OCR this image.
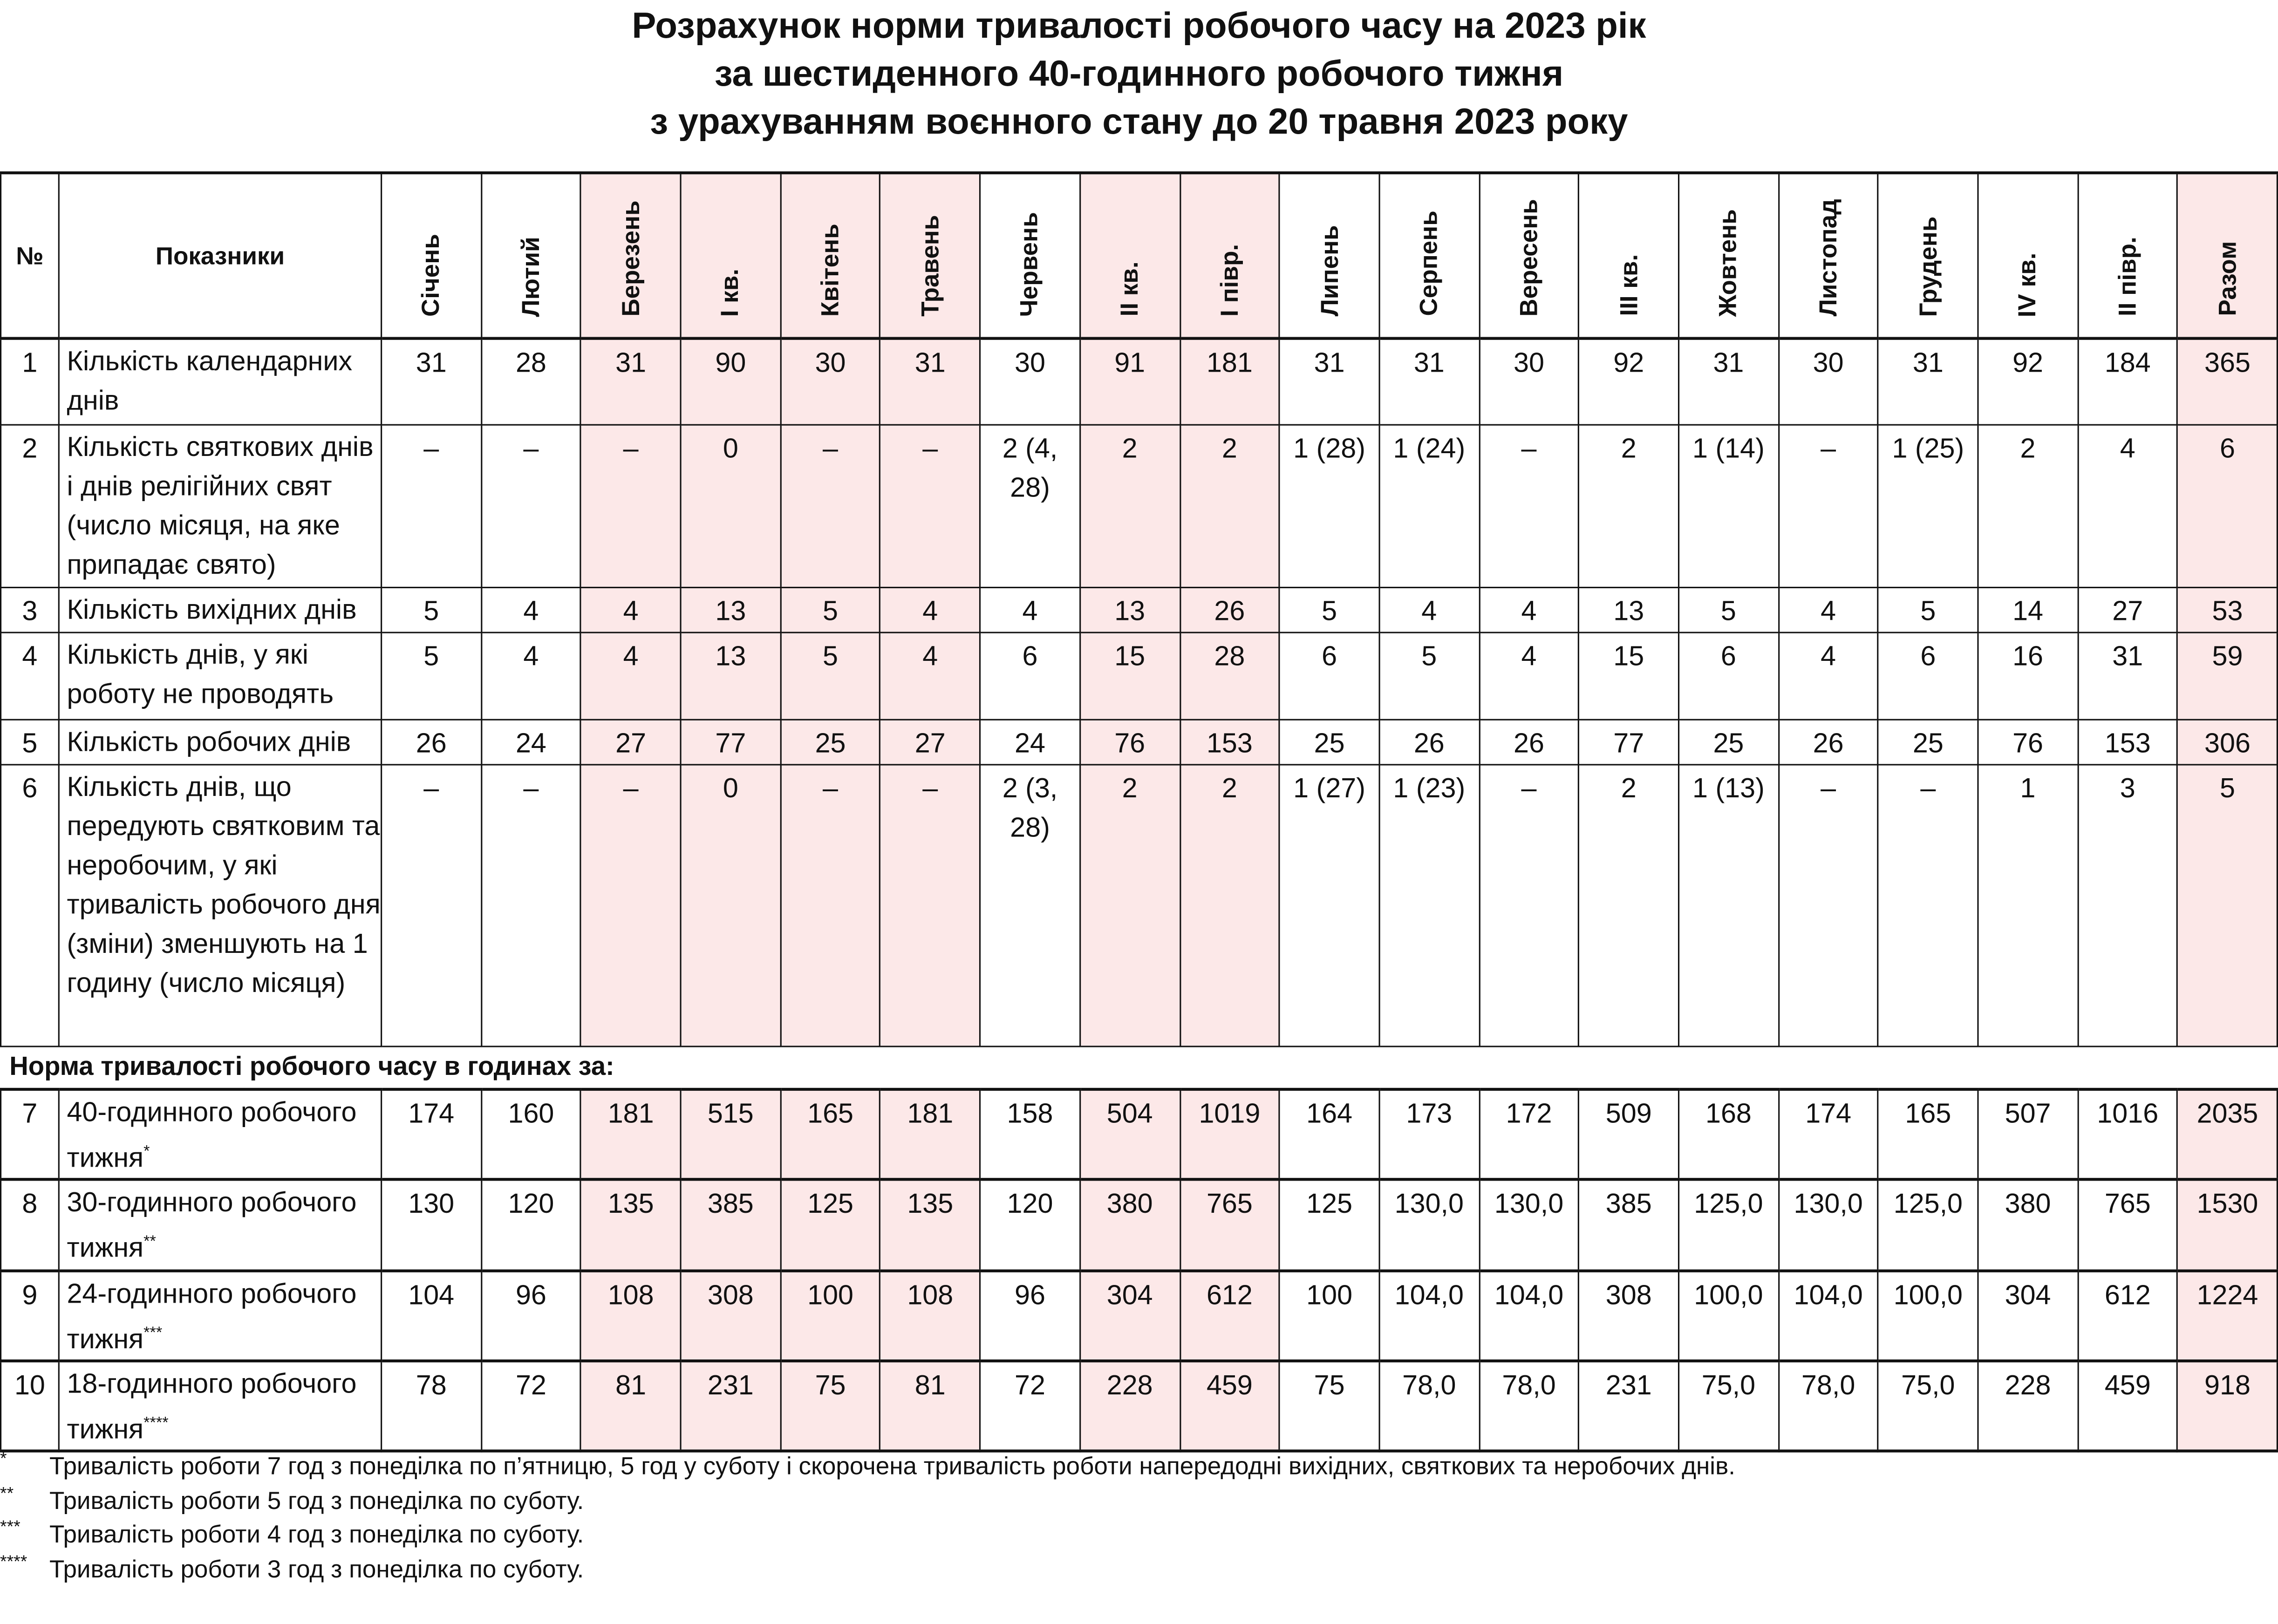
Розрахунок норми тривалості робочого часу на 2023 рік
за шестиденного 40-годинного робочого тижня
з урахуванням воєнного стану до 20 травня 2023 року
№	Показники	Січень	Лютий	Березень	I кв.	Квітень	Травень	Червень	II кв.	I півр.	Липень	Серпень	Вересень	III кв.	Жовтень	Листопад	Грудень	IV кв.	II півр.	Разом
1	Кількість календарних днів	31	28	31	90	30	31	30	91	181	31	31	30	92	31	30	31	92	184	365
2	Кількість святкових днів і днів релігійних свят (число місяця, на яке припадає свято)	–	–	–	0	–	–	2 (4, 28)	2	2	1 (28)	1 (24)	–	2	1 (14)	–	1 (25)	2	4	6
3	Кількість вихідних днів	5	4	4	13	5	4	4	13	26	5	4	4	13	5	4	5	14	27	53
4	Кількість днів, у які роботу не проводять	5	4	4	13	5	4	6	15	28	6	5	4	15	6	4	6	16	31	59
5	Кількість робочих днів	26	24	27	77	25	27	24	76	153	25	26	26	77	25	26	25	76	153	306
6	Кількість днів, що передують святковим та неробочим, у які тривалість робочого дня (зміни) зменшують на 1 годину (число місяця)	–	–	–	0	–	–	2 (3, 28)	2	2	1 (27)	1 (23)	–	2	1 (13)	–	–	1	3	5
Норма тривалості робочого часу в годинах за:																				
7	40-годинного робочого тижня*	174	160	181	515	165	181	158	504	1019	164	173	172	509	168	174	165	507	1016	2035
8	30-годинного робочого тижня**	130	120	135	385	125	135	120	380	765	125	130,0	130,0	385	125,0	130,0	125,0	380	765	1530
9	24-годинного робочого тижня***	104	96	108	308	100	108	96	304	612	100	104,0	104,0	308	100,0	104,0	100,0	304	612	1224
10	18-годинного робочого тижня****	78	72	81	231	75	81	72	228	459	75	78,0	78,0	231	75,0	78,0	75,0	228	459	918
*	Тривалість роботи 7 год з понеділка по п’ятницю, 5 год у суботу і скорочена тривалість роботи напередодні вихідних, святкових та неробочих днів.
**	Тривалість роботи 5 год з понеділка по суботу.
***	Тривалість роботи 4 год з понеділка по суботу.
****	Тривалість роботи 3 год з понеділка по суботу.
